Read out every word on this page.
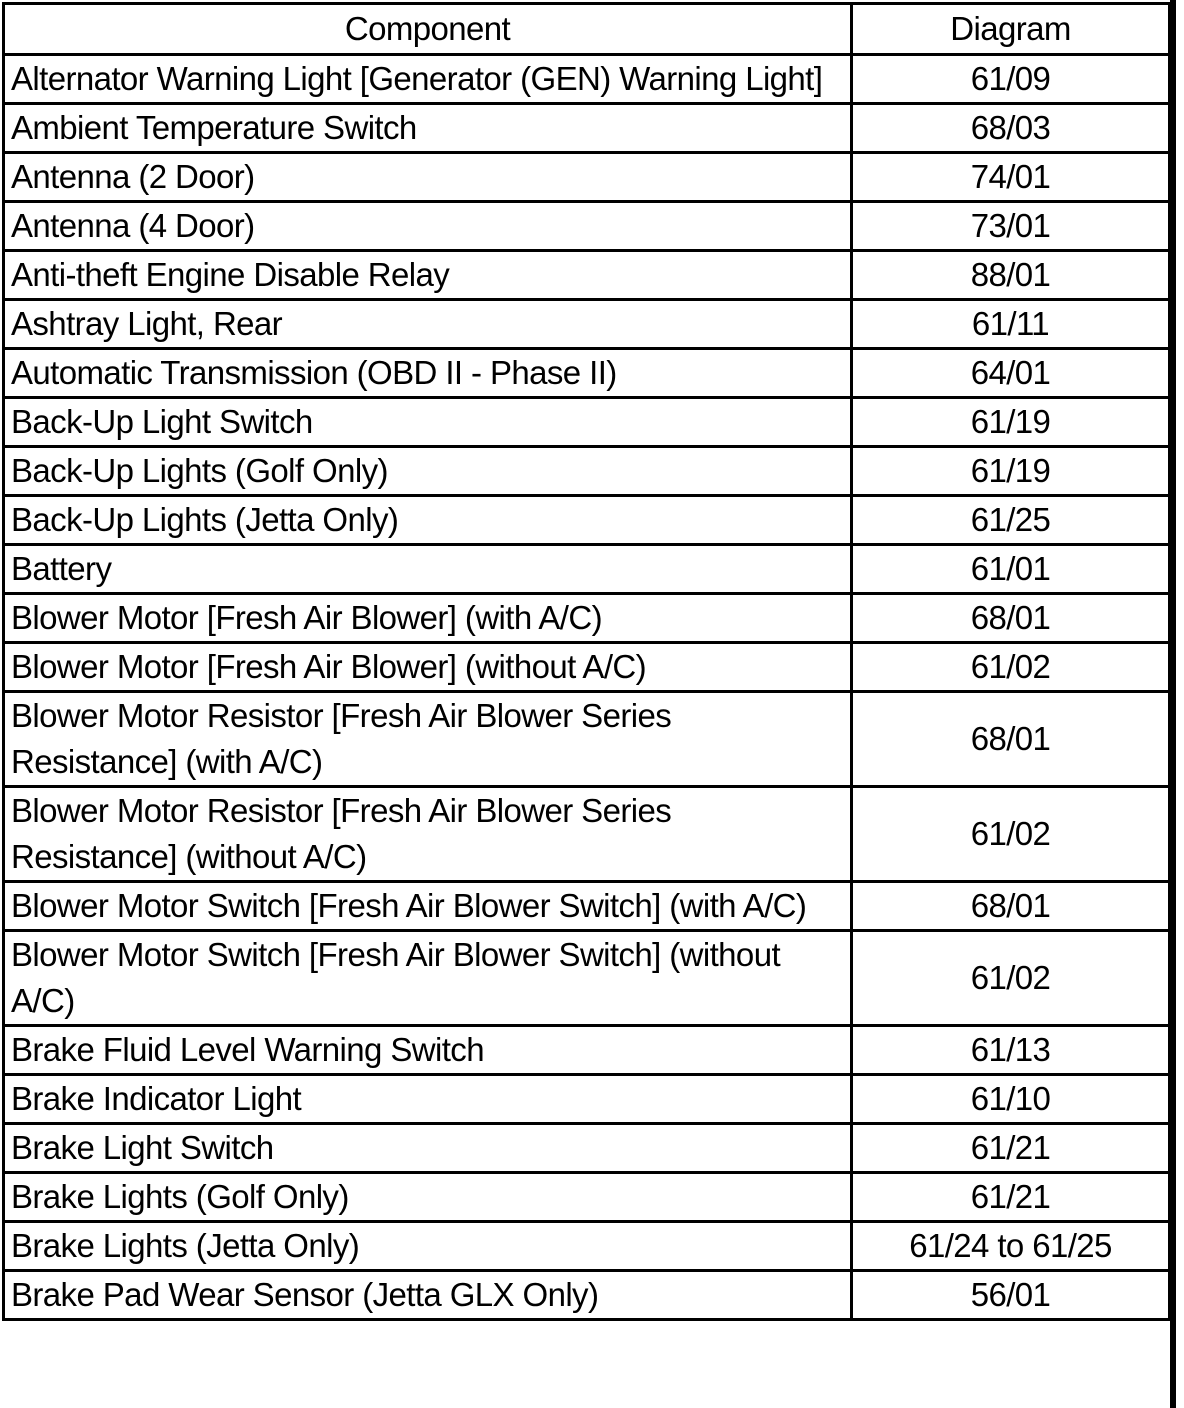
Component	Diagram

Alternator Warning Light [Generator (GEN) Warning Light]	61/09

Ambient Temperature Switch	68/03

Antenna (2 Door)	74/01

Antenna (4 Door)	73/01

Anti-theft Engine Disable Relay	88/01

Ashtray Light, Rear	61/11

Automatic Transmission (OBD II - Phase II)	64/01

Back-Up Light Switch	61/19

Back-Up Lights (Golf Only)	61/19

Back-Up Lights (Jetta Only)	61/25

Battery	61/01

Blower Motor [Fresh Air Blower] (with A/C)	68/01

Blower Motor [Fresh Air Blower] (without A/C)	61/02

Blower Motor Resistor [Fresh Air Blower Series Resistance] (with A/C)	68/01

Blower Motor Resistor [Fresh Air Blower Series Resistance] (without A/C)	61/02

Blower Motor Switch [Fresh Air Blower Switch] (with A/C)	68/01

Blower Motor Switch [Fresh Air Blower Switch] (without A/C)	61/02

Brake Fluid Level Warning Switch	61/13

Brake Indicator Light	61/10

Brake Light Switch	61/21

Brake Lights (Golf Only)	61/21

Brake Lights (Jetta Only)	61/24 to 61/25

Brake Pad Wear Sensor (Jetta GLX Only)	56/01
